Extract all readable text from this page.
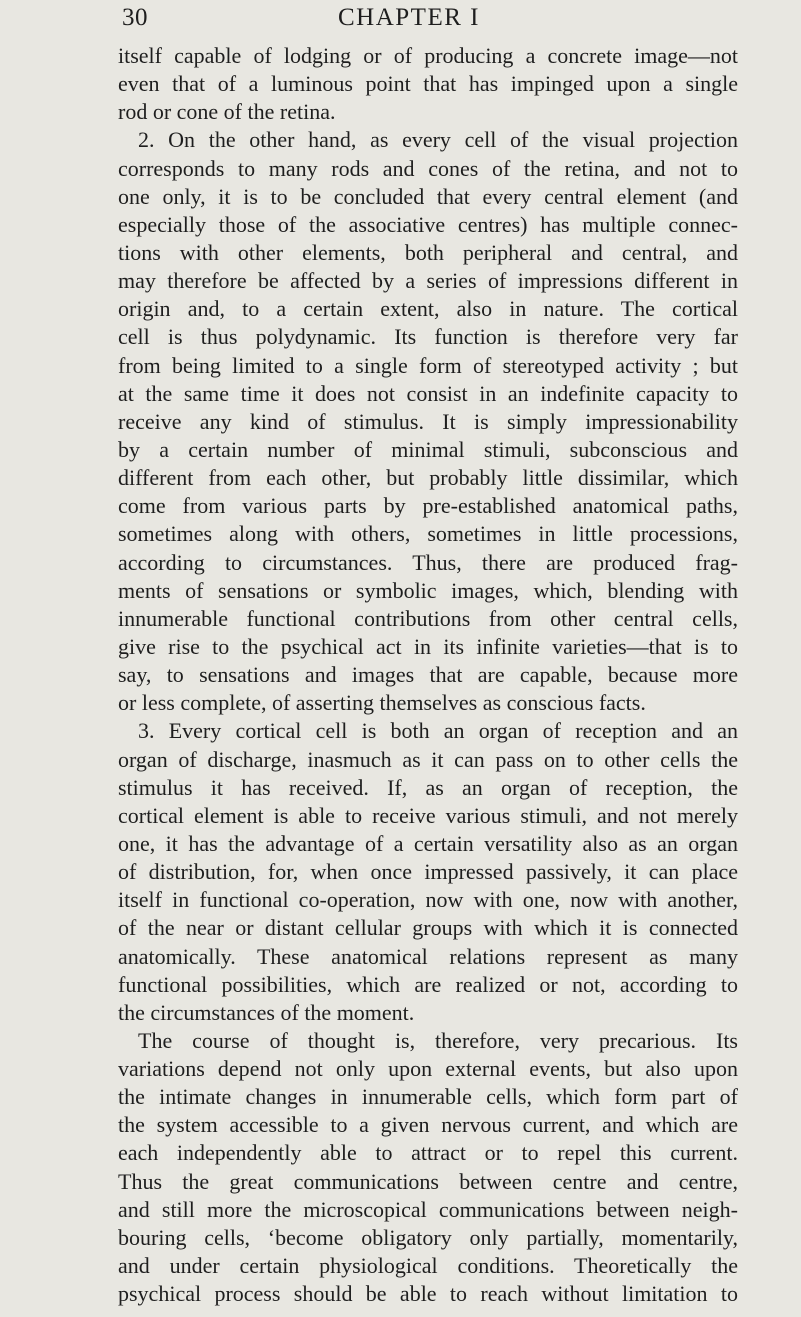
30	CHAPTER I
itself capable of lodging or of producing a concrete image—not
even that of a luminous point that has impinged upon a single
rod or cone of the retina.
2. On the other hand, as every cell of the visual projection
corresponds to many rods and cones of the retina, and not to
one only, it is to be concluded that every central element (and
especially those of the associative centres) has multiple connec-
tions with other elements, both peripheral and central, and
may therefore be affected by a series of impressions different in
origin and, to a certain extent, also in nature. The cortical
cell is thus polydynamic. Its function is therefore very far
from being limited to a single form of stereotyped activity ; but
at the same time it does not consist in an indefinite capacity to
receive any kind of stimulus. It is simply impressionability
by a certain number of minimal stimuli, subconscious and
different from each other, but probably little dissimilar, which
come from various parts by pre-established anatomical paths,
sometimes along with others, sometimes in little processions,
according to circumstances. Thus, there are produced frag-
ments of sensations or symbolic images, which, blending with
innumerable functional contributions from other central cells,
give rise to the psychical act in its infinite varieties—that is to
say, to sensations and images that are capable, because more
or less complete, of asserting themselves as conscious facts.
3. Every cortical cell is both an organ of reception and an
organ of discharge, inasmuch as it can pass on to other cells the
stimulus it has received. If, as an organ of reception, the
cortical element is able to receive various stimuli, and not merely
one, it has the advantage of a certain versatility also as an organ
of distribution, for, when once impressed passively, it can place
itself in functional co-operation, now with one, now with another,
of the near or distant cellular groups with which it is connected
anatomically. These anatomical relations represent as many
functional possibilities, which are realized or not, according to
the circumstances of the moment.
The course of thought is, therefore, very precarious. Its
variations depend not only upon external events, but also upon
the intimate changes in innumerable cells, which form part of
the system accessible to a given nervous current, and which are
each independently able to attract or to repel this current.
Thus the great communications between centre and centre,
and still more the microscopical communications between neigh-
bouring cells, ‘become obligatory only partially, momentarily,
and under certain physiological conditions. Theoretically the
psychical process should be able to reach without limitation to
